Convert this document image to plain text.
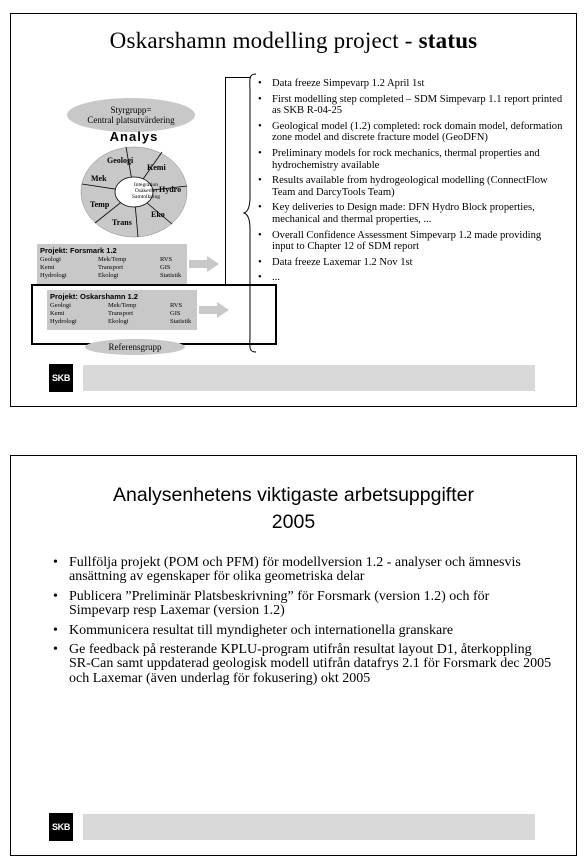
Oskarshamn modelling project - status
Styrgrupp=
Central platsutvärdering
Analys
Integration
Osäkerhet
Samtolkning
Geologi
Kemi
Hydro
Eko
Trans
Temp
Mek
Projekt: Forsmark 1.2
Geologi	Mek/Temp	RVS
Kemi	Transport	GIS
Hydrologi	Ekologi	Statistik
Projekt: Oskarshamn 1.2
Geologi	Mek/Temp	RVS
Kemi	Transport	GIS
Hydrologi	Ekologi	Statistik
Referensgrupp
• Data freeze Simpevarp 1.2 April 1st
• First modelling step completed – SDM Simpevarp 1.1 report printed as SKB R-04-25
• Geological model (1.2) completed: rock domain model, deformation zone model and discrete fracture model (GeoDFN)
• Preliminary models for rock mechanics, thermal properties and hydrochemistry available
• Results available from hydrogeological modelling (ConnectFlow Team and DarcyTools Team)
• Key deliveries to Design made: DFN Hydro Block properties, mechanical and thermal properties, ...
• Overall Confidence Assessment Simpevarp 1.2 made providing input to Chapter 12 of SDM report
• Data freeze Laxemar 1.2 Nov 1st
• ...
SKB
Analysenhetens viktigaste arbetsuppgifter
2005
• Fullfölja projekt (POM och PFM) för modellversion 1.2 - analyser och ämnesvis ansättning av egenskaper för olika geometriska delar
• Publicera ”Preliminär Platsbeskrivning” för Forsmark (version 1.2) och för Simpevarp resp Laxemar (version 1.2)
• Kommunicera resultat till myndigheter och internationella granskare
• Ge feedback på resterande KPLU-program utifrån resultat layout D1, återkoppling SR-Can samt uppdaterad geologisk modell utifrån datafrys 2.1 för Forsmark dec 2005 och Laxemar (även underlag för fokusering) okt 2005
SKB
